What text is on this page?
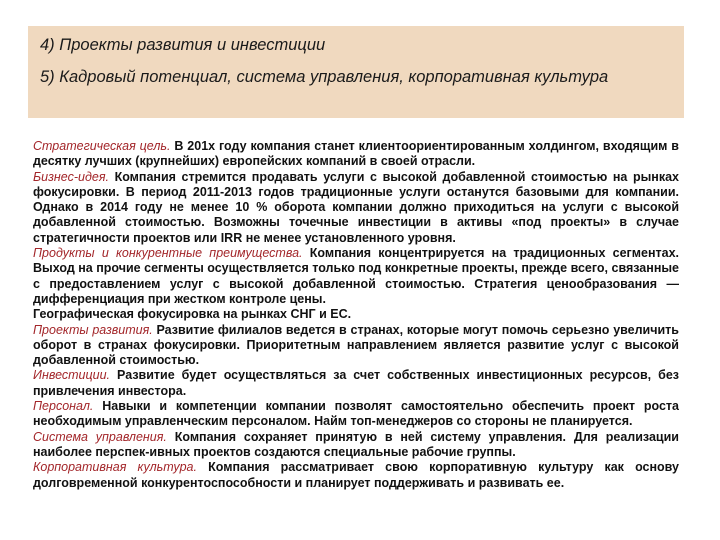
4) Проекты развития и инвестиции
5) Кадровый потенциал, система управления, корпоративная культура

Стратегическая цель. В 201х году компания станет клиентоориентированным холдингом, входящим в десятку лучших (крупнейших) европейских компаний в своей отрасли.

Бизнес-идея. Компания стремится продавать услуги с высокой добавленной стоимостью на рынках фокусировки. В период 2011-2013 годов традиционные услуги останутся базовыми для компании. Однако в 2014 году не менее 10 % оборота компании должно приходиться на услуги с высокой добавленной стоимостью. Возможны точечные инвестиции в активы «под проекты» в случае стратегичности проектов или IRR не менее установленного уровня.

Продукты и конкурентные преимущества. Компания концентрируется на традиционных сегментах. Выход на прочие сегменты осуществляется только под конкретные проекты, прежде всего, связанные с предоставлением услуг с высокой добавленной стоимостью. Стратегия ценообразования — дифференциация при жестком контроле цены.

Географическая фокусировка на рынках СНГ и ЕС.

Проекты развития. Развитие филиалов ведется в странах, которые могут помочь серьезно увеличить оборот в странах фокусировки. Приоритетным направлением является развитие услуг с высокой добавленной стоимостью.

Инвестиции. Развитие будет осуществляться за счет собственных инвестиционных ресурсов, без привлечения инвестора.

Персонал. Навыки и компетенции компании позволят самостоятельно обеспечить проект роста необходимым управленческим персоналом. Найм топ-менеджеров со стороны не планируется.

Система управления. Компания сохраняет принятую в ней систему управления. Для реализации наиболее перспек-ивных проектов создаются специальные рабочие группы.

Корпоративная культура. Компания рассматривает свою корпоративную культуру как основу долговременной конкурентоспособности и планирует поддерживать и развивать ее.
